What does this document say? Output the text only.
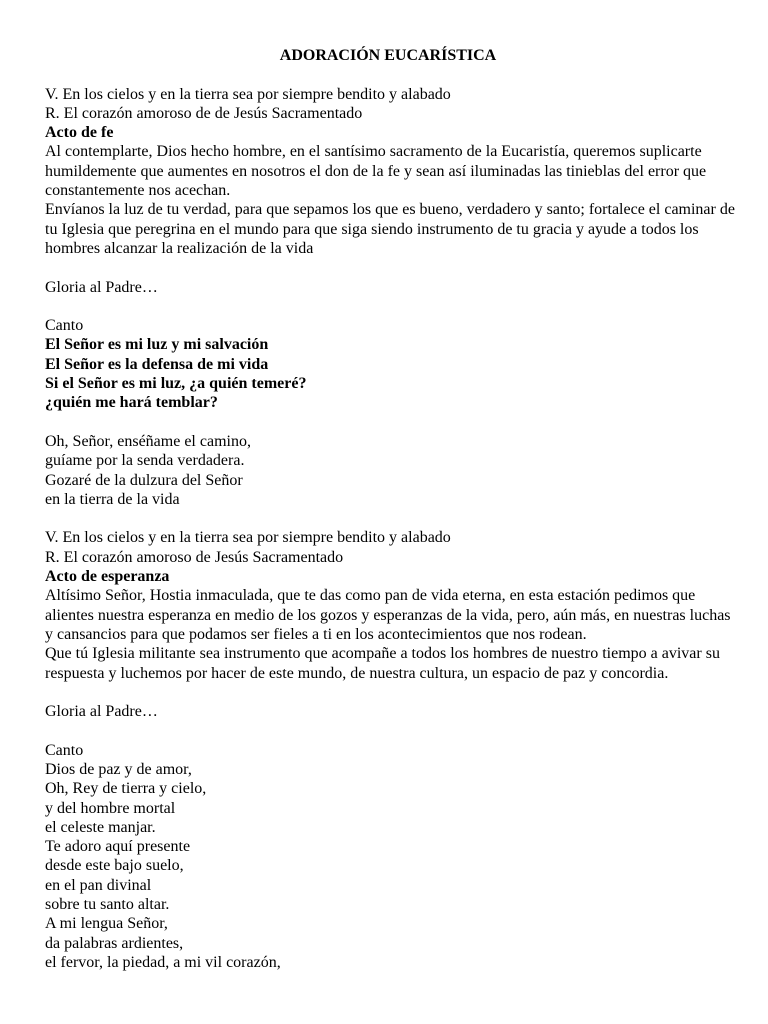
ADORACIÓN EUCARÍSTICA

V. En los cielos y en la tierra sea por siempre bendito y alabado

R. El corazón amoroso de de Jesús Sacramentado

Acto de fe

Al contemplarte, Dios hecho hombre, en el santísimo sacramento de la Eucaristía, queremos suplicarte humildemente que aumentes en nosotros el don de la fe y sean así iluminadas las tinieblas del error que constantemente nos acechan.

Envíanos la luz de tu verdad, para que sepamos los que es bueno, verdadero y santo; fortalece el caminar de tu Iglesia que peregrina en el mundo para que siga siendo instrumento de tu gracia y ayude a todos los hombres alcanzar la realización de la vida

Gloria al Padre…

Canto

El Señor es mi luz y mi salvación

El Señor es la defensa de mi vida

Si el Señor es mi luz, ¿a quién temeré?

¿quién me hará temblar?

Oh, Señor, enséñame el camino,

guíame por la senda verdadera.

Gozaré de la dulzura del Señor

en la tierra de la vida

V. En los cielos y en la tierra sea por siempre bendito y alabado

R. El corazón amoroso de Jesús Sacramentado

Acto de esperanza

Altísimo Señor, Hostia inmaculada, que te das como pan de vida eterna, en esta estación pedimos que alientes nuestra esperanza en medio de los gozos y esperanzas de la vida, pero, aún más, en nuestras luchas y cansancios para que podamos ser fieles a ti en los acontecimientos que nos rodean.

Que tú Iglesia militante sea instrumento que acompañe a todos los hombres de nuestro tiempo a avivar su respuesta y luchemos por hacer de este mundo, de nuestra cultura, un espacio de paz y concordia.

Gloria al Padre…

Canto

Dios de paz y de amor,

Oh, Rey de tierra y cielo,

y del hombre mortal

el celeste manjar.

Te adoro aquí presente

desde este bajo suelo,

en el pan divinal

sobre tu santo altar.

A mi lengua Señor,

da palabras ardientes,

el fervor, la piedad, a mi vil corazón,
